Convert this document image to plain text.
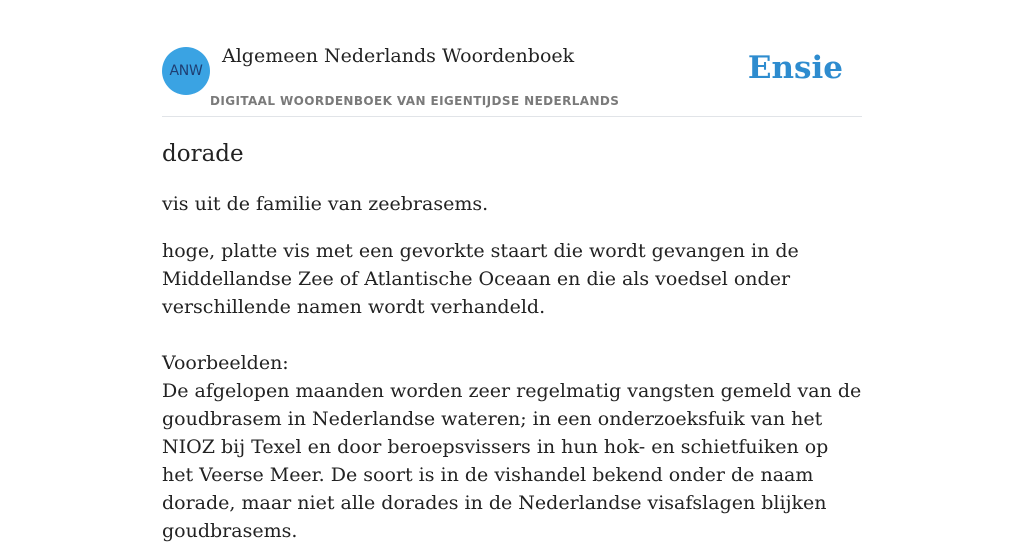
ANW
Algemeen Nederlands Woordenboek
DIGITAAL WOORDENBOEK VAN EIGENTIJDSE NEDERLANDS
Ensie
dorade

vis uit de familie van zeebrasems.

hoge, platte vis met een gevorkte staart die wordt gevangen in de Middellandse Zee of Atlantische Oceaan en die als voedsel onder verschillende namen wordt verhandeld.
Voorbeelden:
De afgelopen maanden worden zeer regelmatig vangsten gemeld van de goudbrasem in Nederlandse wateren; in een onderzoeksfuik van het NIOZ bij Texel en door beroepsvissers in hun hok- en schietfuiken op het Veerse Meer. De soort is in de vishandel bekend onder de naam dorade, maar niet alle dorades in de Nederlandse visafslagen blijken goudbrasems.
